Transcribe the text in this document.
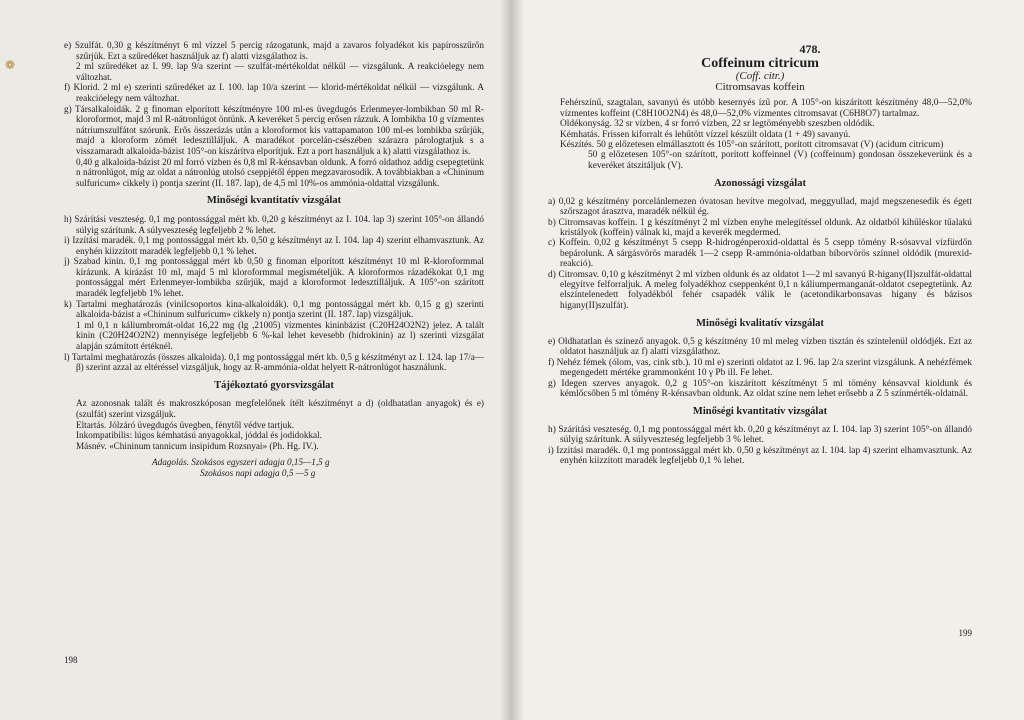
❁

e) Szulfát. 0,30 g készítményt 6 ml vízzel 5 percig rázogatunk, majd a zavaros folyadékot kis papírosszűrőn szűrjük. Ezt a szűredéket használjuk az f) alatti vizsgálathoz is.

2 ml szűredéket az I. 99. lap 9/a szerint — szulfát-mértékoldat nélkül — vizsgálunk. A reakcióelegy nem változhat.

f) Klorid. 2 ml e) szerinti szűredéket az I. 100. lap 10/a szerint — klorid-mértékoldat nélkül — vizsgálunk. A reakcióelegy nem változhat.

g) Társalkaloidák. 2 g finoman elporított készítményre 100 ml-es üvegdugós Erlenmeyer-lombikban 50 ml R-kloroformot, majd 3 ml R-nátronlúgot öntünk. A keveréket 5 percig erősen rázzuk. A lombikba 10 g vízmentes nátriumszulfátot szórunk. Erős összerázás után a kloroformot kis vattapamaton 100 ml-es lombikba szűrjük, majd a kloroform zömét ledesztilláljuk. A maradékot porcelán-csészében szárazra párologtatjuk s a visszamaradt alkaloida-bázist 105°-on kiszárítva elporítjuk. Ezt a port használjuk a k) alatti vizsgálathoz is.

0,40 g alkaloida-bázist 20 ml forró vízben és 0,8 ml R-kénsavban oldunk. A forró oldathoz addig csepegtetünk n nátronlúgot, míg az oldat a nátronlúg utolsó cseppjétől éppen megzavarosodik. A továbbiakban a «Chininum sulfuricum» cikkely i) pontja szerint (II. 187. lap), de 4,5 ml 10%-os ammónia-oldattal vizsgálunk.

Minőségi kvantitatív vizsgálat

h) Szárítási veszteség. 0,1 mg pontossággal mért kb. 0,20 g készítményt az I. 104. lap 3) szerint 105°-on állandó súlyig szárítunk. A súlyveszteség legfeljebb 2 % lehet.

i) Izzítási maradék. 0,1 mg pontossággal mért kb. 0,50 g készítményt az I. 104. lap 4) szerint elhamvasztunk. Az enyhén kiizzított maradék legfeljebb 0,1 % lehet.

j) Szabad kinin. 0,1 mg pontossággal mért kb 0,50 g finoman elporított készítményt 10 ml R-kloroformmal kirázunk. A kirázást 10 ml, majd 5 ml kloroformmal megismételjük. A kloroformos rázadékokat 0,1 mg pontossággal mért Erlenmeyer-lombikba szűrjük, majd a kloroformot ledesztilláljuk. A 105°-on szárított maradék legfeljebb 1% lehet.

k) Tartalmi meghatározás (vinilcsoportos kina-alkaloidák). 0,1 mg pontossággal mért kb. 0,15 g g) szerinti alkaloida-bázist a «Chininum sulfuricum» cikkely n) pontja szerint (II. 187. lap) vizsgáljuk.

1 ml 0,1 n káliumbromát-oldat 16,22 mg (lg ,21005) vízmentes kininbázist (C20H24O2N2) jelez. A talált kinin (C20H24O2N2) mennyisége legfeljebb 6 %-kal lehet kevesebb (hidrokinin) az l) szerinti vizsgálat alapján számított értéknél.

l) Tartalmi meghatározás (összes alkaloida). 0,1 mg pontossággal mért kb. 0,5 g készítményt az I. 124. lap 17/a—β) szerint azzal az eltéréssel vizsgáljuk, hogy az R-ammónia-oldat helyett R-nátronlúgot használunk.

Tájékoztató gyorsvizsgálat

Az azonosnak talált és makroszkóposan megfelelőnek ítélt készítményt a d) (oldhatatlan anyagok) és e) (szulfát) szerint vizsgáljuk.

Eltartás. Jólzáró üvegdugós üvegben, fénytől védve tartjuk.

Inkompatibilis: lúgos kémhatású anyagokkal, jóddal és jodidokkal.

Másnév. «Chininum tannicum insipidum Rozsnyai» (Ph. Hg. IV.).

Adagolás. Szokásos egyszeri adagja 0,15—1,5 g
Szokásos napi adagja 0,5 —5 g
198
478.
Coffeinum citricum
(Coff. citr.)
Citromsavas koffein

Fehérszínű, szagtalan, savanyú és utóbb kesernyés ízű por. A 105°-on kiszárított készítmény 48,0—52,0% vízmentes koffeint (C8H10O2N4) és 48,0—52,0% vízmentes citromsavat (C6H8O7) tartalmaz.

Oldékonyság. 32 sr vízben, 4 sr forró vízben, 22 sr legtöményebb szeszben oldódik.

Kémhatás. Frissen kiforralt és lehűtött vízzel készült oldata (1 + 49) savanyú.

Készítés. 50 g előzetesen elmállasztott és 105°-on szárított, porított citromsavat (V) (acidum citricum)

50 g előzetesen 105°-on szárított, porított koffeinnel (V) (coffeinum) gondosan összekeverünk és a keveréket átszitáljuk (V).

Azonossági vizsgálat

a) 0,02 g készítmény porcelánlemezen óvatosan hevítve megolvad, meggyullad, majd megszenesedik és égett szőrszagot árasztva, maradék nélkül ég.

b) Citromsavas koffein. 1 g készítményt 2 ml vízben enyhe melegítéssel oldunk. Az oldatból kihűléskor tűalakú kristályok (koffein) válnak ki, majd a keverék megdermed.

c) Koffein. 0,02 g készítményt 5 csepp R-hidrogénperoxid-oldattal és 5 csepp tömény R-sósavval vízfürdőn bepárolunk. A sárgásvörös maradék 1—2 csepp R-ammónia-oldatban bíborvörös színnel oldódik (murexid-reakció).

d) Citromsav. 0,10 g készítményt 2 ml vízben oldunk és az oldatot 1—2 ml savanyú R-higany(II)szulfát-oldattal elegyítve felforraljuk. A meleg folyadékhoz cseppenként 0,1 n káliumpermanganát-oldatot csepegtetünk. Az elszíntelenedett folyadékból fehér csapadék válik le (acetondikarbonsavas higany és bázisos higany(II)szulfát).

Minőségi kvalitatív vizsgálat

e) Oldhatatlan és színező anyagok. 0,5 g készítmény 10 ml meleg vízben tisztán és színtelenül oldódjék. Ezt az oldatot használjuk az f) alatti vizsgálathoz.

f) Nehéz fémek (ólom, vas, cink stb.). 10 ml e) szerinti oldatot az I. 96. lap 2/a szerint vizsgálunk. A nehézfémek megengedett mértéke grammonként 10 γ Pb ill. Fe lehet.

g) Idegen szerves anyagok. 0,2 g 105°-on kiszárított készítményt 5 ml tömény kénsavval kioldunk és kémlőcsőben 5 ml tömény R-kénsavban oldunk. Az oldat színe nem lehet erősebb a Z 5 színmérték-oldatnál.

Minőségi kvantitatív vizsgálat

h) Szárítási veszteség. 0,1 mg pontossággal mért kb. 0,20 g készítményt az I. 104. lap 3) szerint 105°-on állandó súlyig szárítunk. A súlyveszteség legfeljebb 3 % lehet.

i) Izzítási maradék. 0,1 mg pontossággal mért kb. 0,50 g készítményt az I. 104. lap 4) szerint elhamvasztunk. Az enyhén kiizzított maradék legfeljebb 0,1 % lehet.

199
